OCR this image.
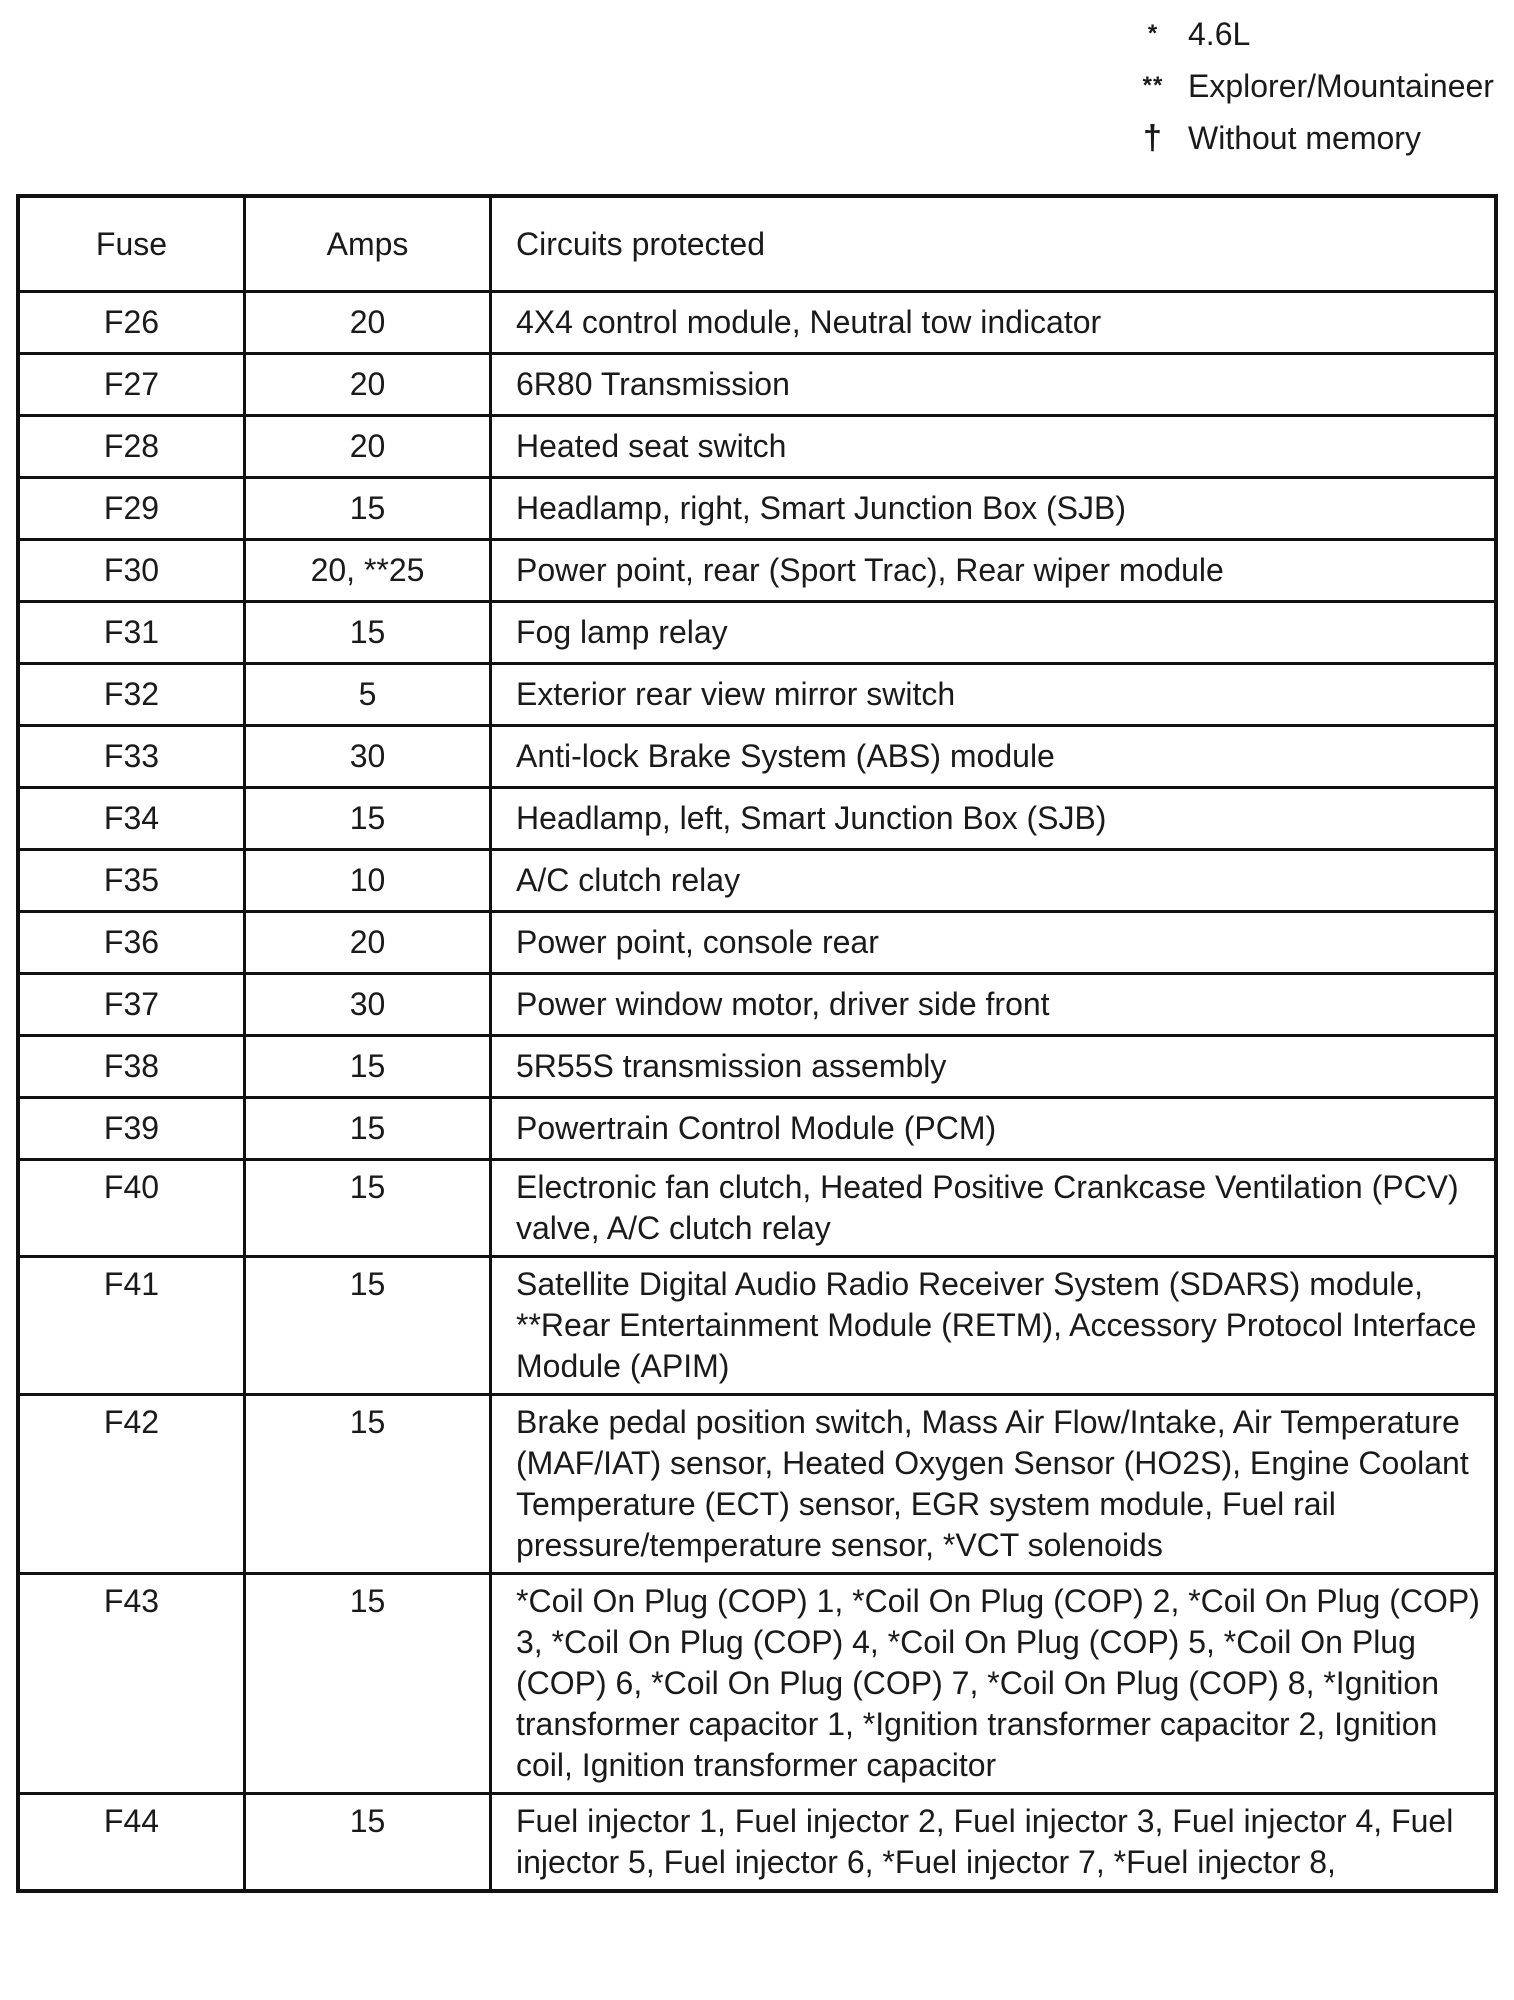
* 4.6L
** Explorer/Mountaineer
† Without memory
Fuse	Amps	Circuits protected
F26	20	4X4 control module, Neutral tow indicator
F27	20	6R80 Transmission
F28	20	Heated seat switch
F29	15	Headlamp, right, Smart Junction Box (SJB)
F30	20, **25	Power point, rear (Sport Trac), Rear wiper module
F31	15	Fog lamp relay
F32	5	Exterior rear view mirror switch
F33	30	Anti-lock Brake System (ABS) module
F34	15	Headlamp, left, Smart Junction Box (SJB)
F35	10	A/C clutch relay
F36	20	Power point, console rear
F37	30	Power window motor, driver side front
F38	15	5R55S transmission assembly
F39	15	Powertrain Control Module (PCM)
F40	15	Electronic fan clutch, Heated Positive Crankcase Ventilation (PCV) valve, A/C clutch relay
F41	15	Satellite Digital Audio Radio Receiver System (SDARS) module, **Rear Entertainment Module (RETM), Accessory Protocol Interface Module (APIM)
F42	15	Brake pedal position switch, Mass Air Flow/Intake, Air Temperature (MAF/IAT) sensor, Heated Oxygen Sensor (HO2S), Engine Coolant Temperature (ECT) sensor, EGR system module, Fuel rail pressure/temperature sensor, *VCT solenoids
F43	15	*Coil On Plug (COP) 1, *Coil On Plug (COP) 2, *Coil On Plug (COP) 3, *Coil On Plug (COP) 4, *Coil On Plug (COP) 5, *Coil On Plug (COP) 6, *Coil On Plug (COP) 7, *Coil On Plug (COP) 8, *Ignition transformer capacitor 1, *Ignition transformer capacitor 2, Ignition coil, Ignition transformer capacitor
F44	15	Fuel injector 1, Fuel injector 2, Fuel injector 3, Fuel injector 4, Fuel injector 5, Fuel injector 6, *Fuel injector 7, *Fuel injector 8,
